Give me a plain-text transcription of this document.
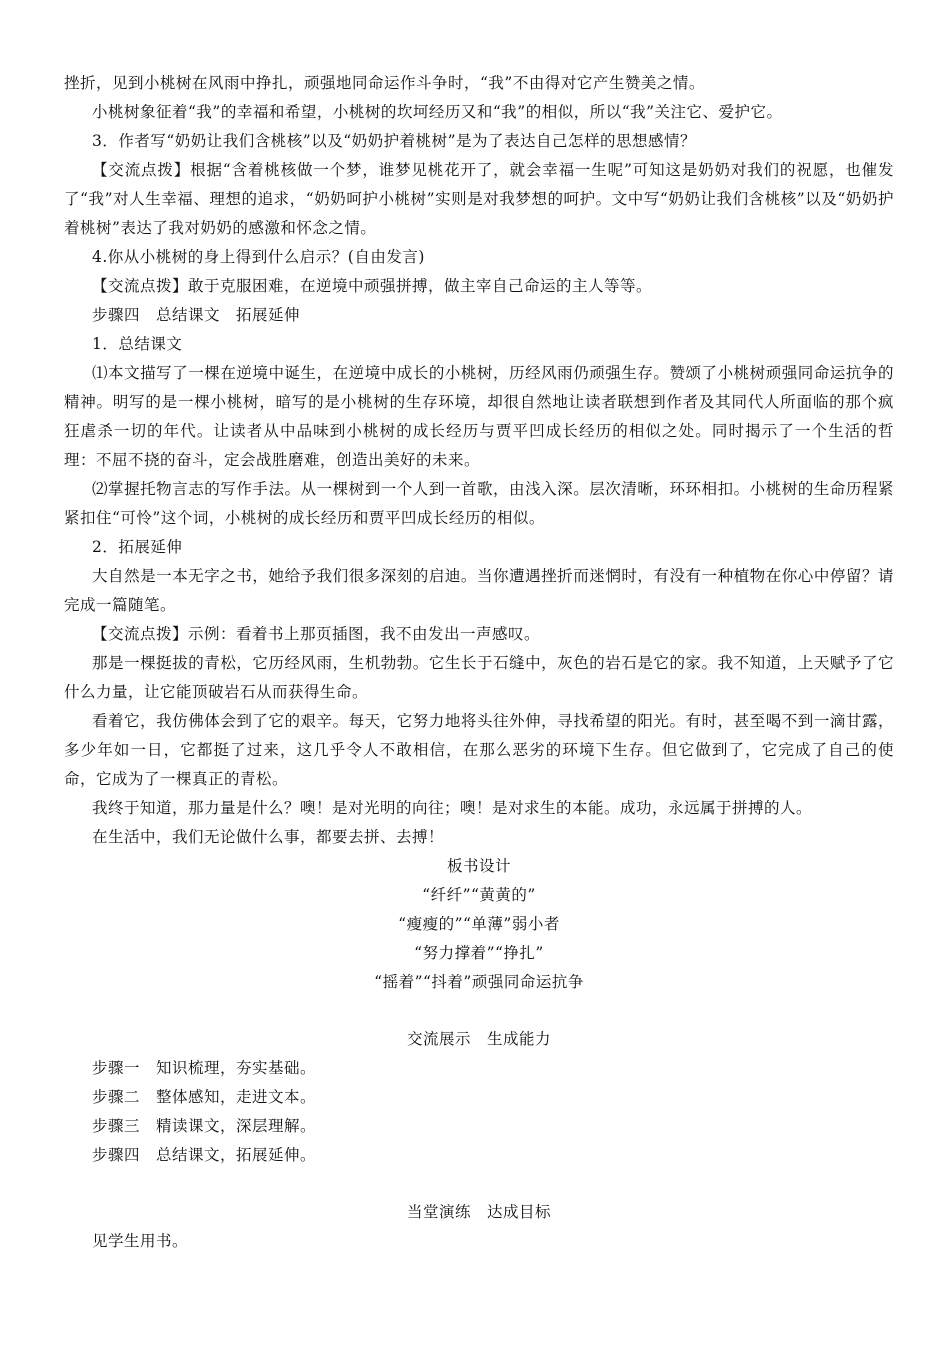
挫折，见到小桃树在风雨中挣扎，顽强地同命运作斗争时，“我”不由得对它产生赞美之情。
小桃树象征着“我”的幸福和希望，小桃树的坎坷经历又和“我”的相似，所以“我”关注它、爱护它。
3．作者写“奶奶让我们含桃核”以及“奶奶护着桃树”是为了表达自己怎样的思想感情？
【交流点拨】根据“含着桃核做一个梦，谁梦见桃花开了，就会幸福一生呢”可知这是奶奶对我们的祝愿，也催发了“我”对人生幸福、理想的追求，“奶奶呵护小桃树”实则是对我梦想的呵护。文中写“奶奶让我们含桃核”以及“奶奶护着桃树”表达了我对奶奶的感激和怀念之情。
4.你从小桃树的身上得到什么启示？(自由发言)
【交流点拨】敢于克服困难，在逆境中顽强拼搏，做主宰自己命运的主人等等。
步骤四　总结课文　拓展延伸
1．总结课文
⑴本文描写了一棵在逆境中诞生，在逆境中成长的小桃树，历经风雨仍顽强生存。赞颂了小桃树顽强同命运抗争的精神。明写的是一棵小桃树，暗写的是小桃树的生存环境，却很自然地让读者联想到作者及其同代人所面临的那个疯狂虐杀一切的年代。让读者从中品味到小桃树的成长经历与贾平凹成长经历的相似之处。同时揭示了一个生活的哲理：不屈不挠的奋斗，定会战胜磨难，创造出美好的未来。
⑵掌握托物言志的写作手法。从一棵树到一个人到一首歌，由浅入深。层次清晰，环环相扣。小桃树的生命历程紧紧扣住“可怜”这个词，小桃树的成长经历和贾平凹成长经历的相似。
2．拓展延伸
大自然是一本无字之书，她给予我们很多深刻的启迪。当你遭遇挫折而迷惘时，有没有一种植物在你心中停留？请完成一篇随笔。
【交流点拨】示例：看着书上那页插图，我不由发出一声感叹。
那是一棵挺拔的青松，它历经风雨，生机勃勃。它生长于石缝中，灰色的岩石是它的家。我不知道，上天赋予了它什么力量，让它能顶破岩石从而获得生命。
看着它，我仿佛体会到了它的艰辛。每天，它努力地将头往外伸，寻找希望的阳光。有时，甚至喝不到一滴甘露，多少年如一日，它都挺了过来，这几乎令人不敢相信，在那么恶劣的环境下生存。但它做到了，它完成了自己的使命，它成为了一棵真正的青松。
我终于知道，那力量是什么？噢！是对光明的向往；噢！是对求生的本能。成功，永远属于拼搏的人。
在生活中，我们无论做什么事，都要去拼、去搏！
板书设计
“纤纤”“黄黄的”
“瘦瘦的”“单薄”弱小者
“努力撑着”“挣扎”
“摇着”“抖着”顽强同命运抗争
交流展示　生成能力
步骤一　知识梳理，夯实基础。
步骤二　整体感知，走进文本。
步骤三　精读课文，深层理解。
步骤四　总结课文，拓展延伸。
当堂演练　达成目标
见学生用书。
